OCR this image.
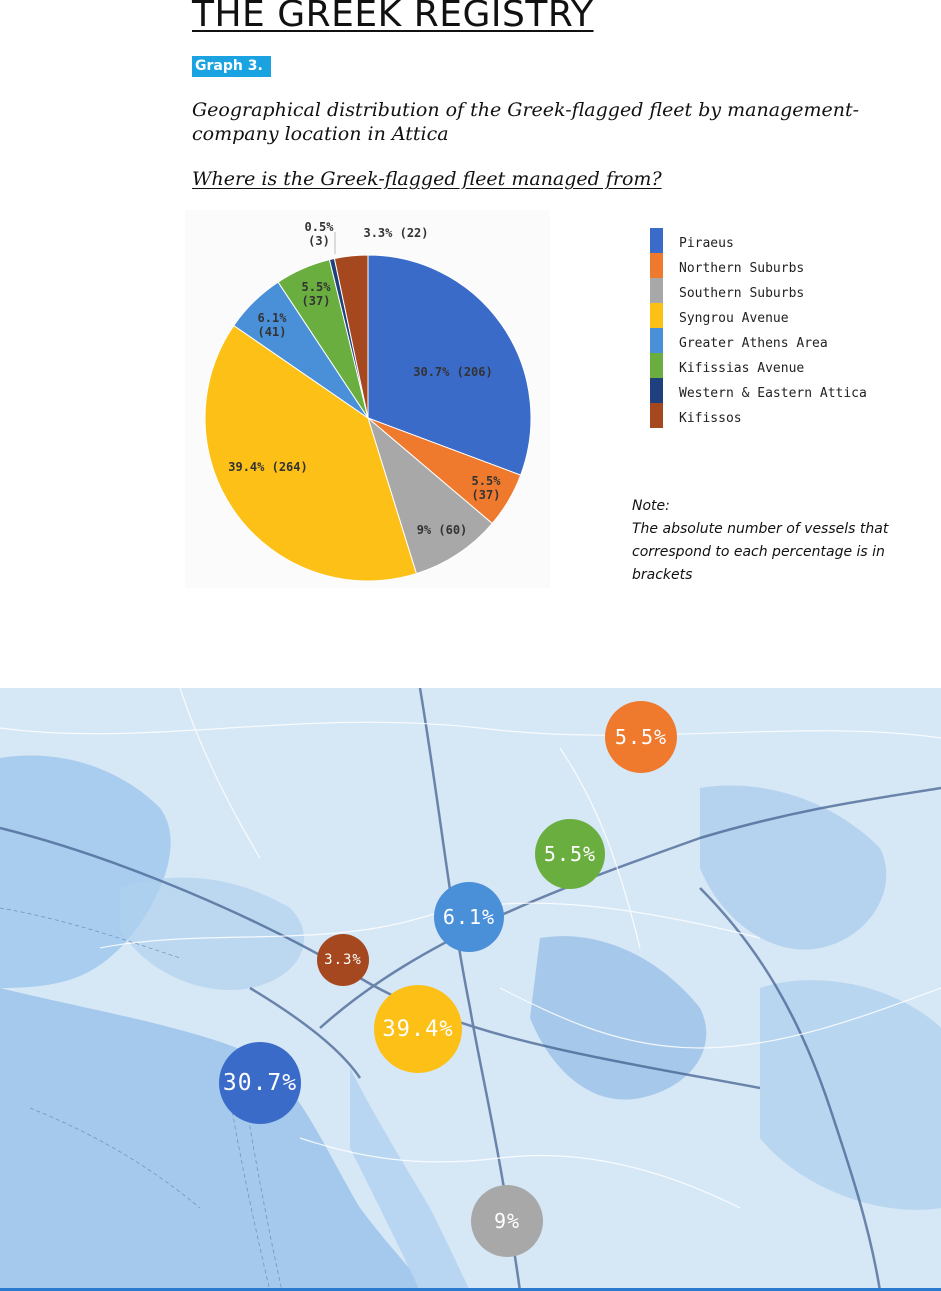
THE GREEK REGISTRY
Graph 3.

Geographical distribution of the Greek-flagged fleet by management-company location in Attica

Where is the Greek-flagged fleet managed from?

30.7% (206)
5.5%
(37)
9% (60)
39.4% (264)
6.1%
(41)
5.5%
(37)
0.5%
(3)
3.3% (22)
Piraeus
Northern Suburbs
Southern Suburbs
Syngrou Avenue
Greater Athens Area
Kifissias Avenue
Western & Eastern Attica
Kifissos
Note:
The absolute number of vessels that correspond to each percentage is in brackets
5.5%
5.5%
6.1%
3.3%
39.4%
30.7%
9%
